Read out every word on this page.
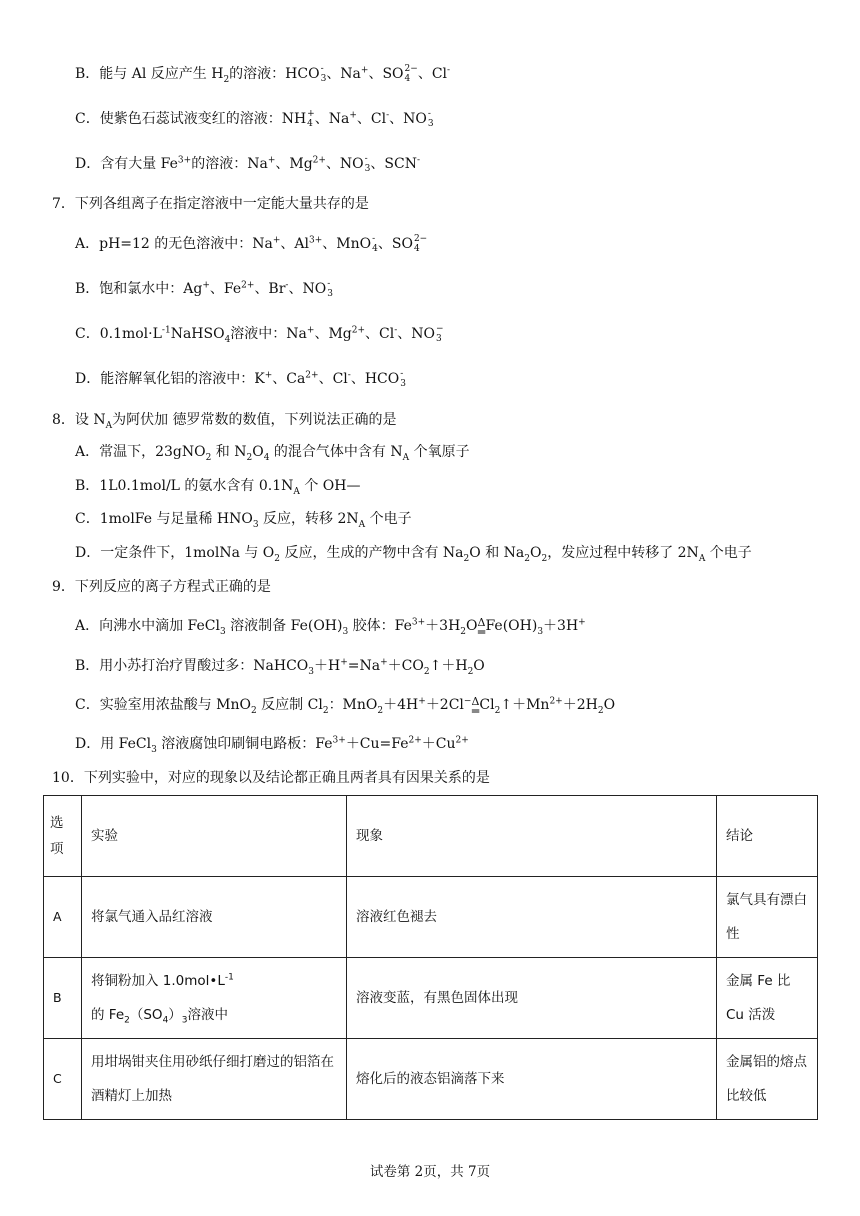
B．能与 Al 反应产生 $H_2$的溶液：HCO -
3 、Na+、SO 2−
4 、Cl-
C．使紫色石蕊试液变红的溶液：NH +
4 、Na+、Cl-、NO -
3
D．含有大量 $Fe^{3+}$的溶液：Na+、$Mg^{2+}$、NO -
3 、SCN-
7．下列各组离子在指定溶液中一定能大量共存的是
A．pH=12 的无色溶液中：Na+、$Al^{3+}$、MnO -
4 、SO 2−
4
B．饱和氯水中：Ag+、$Fe^{2+}$、Br-、NO -
3
C．$0.1mol\cdot L^{-1}NaHSO_4$溶液中：Na+、$Mg^{2+}$、Cl-、NO −
3
D．能溶解氧化铝的溶液中：K+、$Ca^{2+}$、Cl-、HCO -
3
8．设 $N_A$为阿伏加 德罗常数的数值，下列说法正确的是
A．常温下，23gNO$_2$ 和 $N_2O_4$ 的混合气体中含有 $N_A$ 个氧原子
B．1L0.1mol/L 的氨水含有 $0.1N_A$ 个 OH—
C．1molFe 与足量稀 $HNO_3$ 反应，转移 $2N_A$ 个电子
D．一定条件下，1molNa 与 $O_2$ 反应，生成的产物中含有 $Na_2O$ 和 $Na_2O_2$，发应过程中转移了 $2N_A$ 个电子
9．下列反应的离子方程式正确的是
A．向沸水中滴加 FeCl$_3$ 溶液制备 $Fe(OH)_3$ 胶体：$Fe^{3+}+3H_2O$ Δ
═ $Fe(OH)_3+3H^+$
B．用小苏打治疗胃酸过多：$NaHCO_3+H^+=Na^++CO_2↑+H_2O$
C．实验室用浓盐酸与 MnO$_2$ 反应制 $Cl_2$：MnO$_2$＋4H+＋2Cl− Δ
═ $Cl_2↑+Mn^{2+}+2H_2O$
D．用 FeCl$_3$ 溶液腐蚀印刷铜电路板：$Fe^{3+}+Cu=Fe^{2+}+Cu^{2+}$
10．下列实验中，对应的现象以及结论都正确且两者具有因果关系的是
选项	实验	现象	结论
A	将氯气通入品红溶液	溶液红色褪去	氯气具有漂白性
B	将铜粉加入 $1.0mol•L^{-1}$
的 $Fe_2(SO_4)_3$溶液中	溶液变蓝，有黑色固体出现	金属 Fe 比 Cu 活泼
C	用坩埚钳夹住用砂纸仔细打磨过的铝箔在酒精灯上加热	熔化后的液态铝滴落下来	金属铝的熔点比较低
试卷第 2页，共 7页
